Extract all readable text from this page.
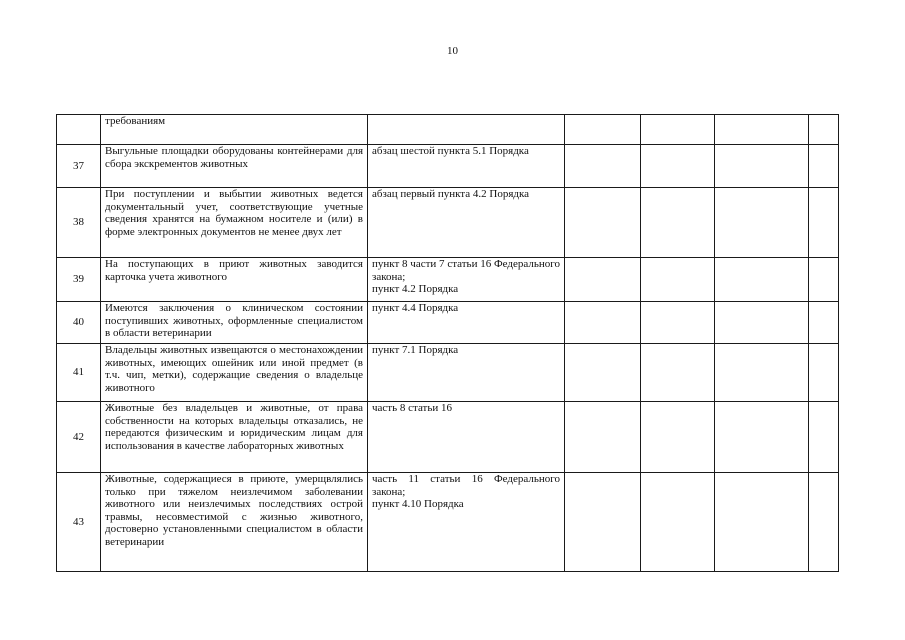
10
	требованиям					
37	Выгульные площадки оборудованы контейнерами для сбора экскрементов животных	абзац шестой пункта 5.1 Порядка				

38	При поступлении и выбытии животных ведется документальный учет, соответствующие учетные сведения хранятся на бумажном носителе и (или) в форме электронных документов не менее двух лет	абзац первый пункта 4.2 Порядка				

39	На поступающих в приют животных заводится карточка учета животного	пункт 8 части 7 статьи 16 Федерального закона;
пункт 4.2 Порядка				

40	Имеются заключения о клиническом состоянии поступивших животных, оформленные специалистом в области ветеринарии	пункт 4.4 Порядка				

41	Владельцы животных извещаются о местонахождении животных, имеющих ошейник или иной предмет (в т.ч. чип, метки), содержащие сведения о владельце животного	пункт 7.1 Порядка				

42	Животные без владельцев и животные, от права собственности на которых владельцы отказались, не передаются физическим и юридическим лицам для использования в качестве лабораторных животных	часть 8 статьи 16				

43	Животные, содержащиеся в приюте, умерщвлялись только при тяжелом неизлечимом заболевании животного или неизлечимых последствиях острой травмы, несовместимой с жизнью животного, достоверно установленными специалистом в области ветеринарии	часть 11 статьи 16 Федерального закона;
пункт 4.10 Порядка				
